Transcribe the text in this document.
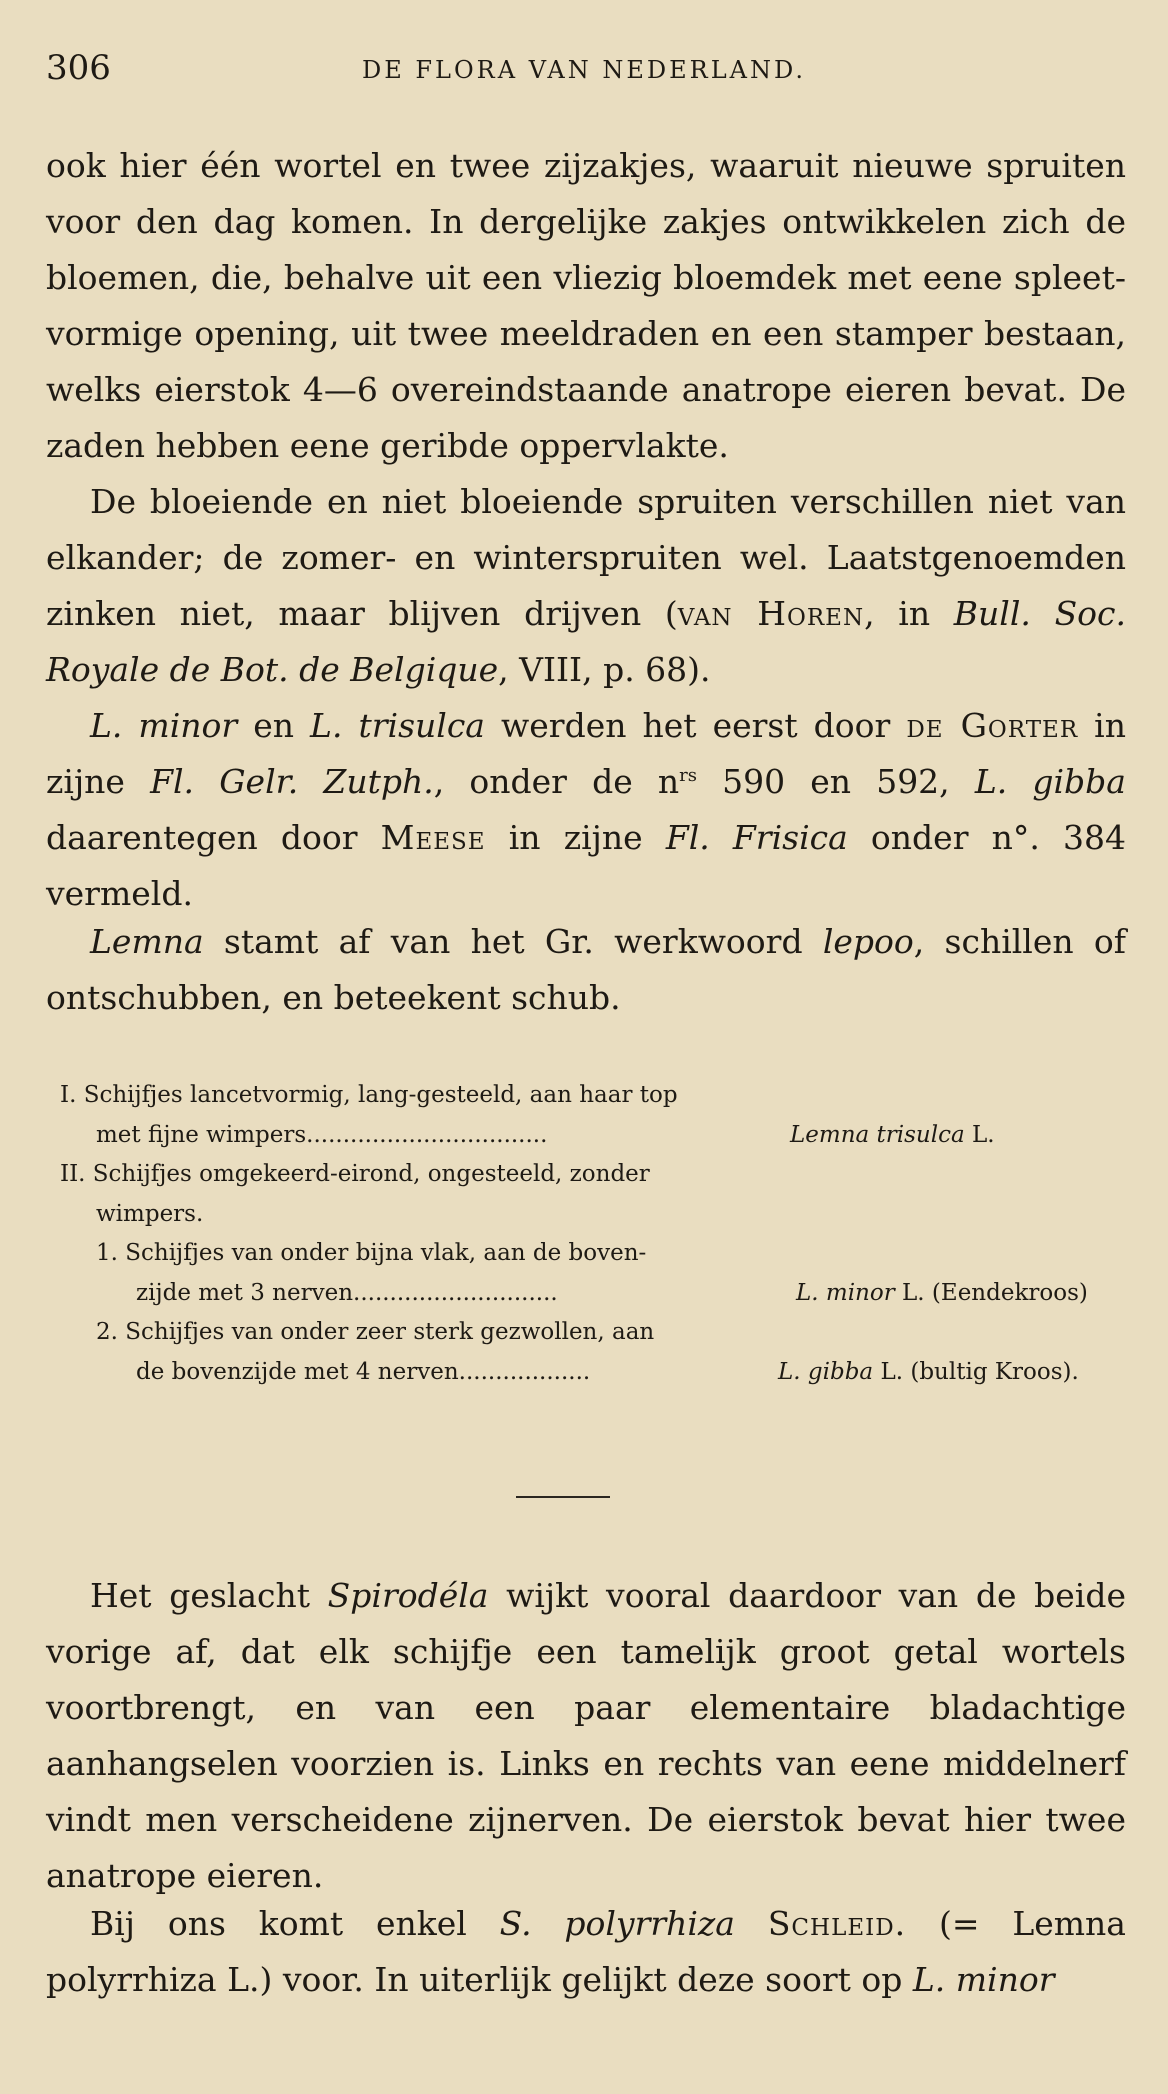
306	DE FLORA VAN NEDERLAND.
ook hier één wortel en twee zijzakjes, waaruit nieuwe spruiten
voor den dag komen. In dergelijke zakjes ontwikkelen zich de
bloemen, die, behalve uit een vliezig bloemdek met eene spleet-
vormige opening, uit twee meeldraden en een stamper bestaan,
welks eierstok 4—6 overeindstaande anatrope eieren bevat. De
zaden hebben eene geribde oppervlakte.

De bloeiende en niet bloeiende spruiten verschillen niet van elkander; de zomer- en winterspruiten wel. Laatstgenoemden zinken niet, maar blijven drijven (van Horen, in Bull. Soc. Royale de Bot. de Belgique, VIII, p. 68).

L. minor en L. trisulca werden het eerst door de Gorter in zijne Fl. Gelr. Zutph., onder de $n^{rs}$ 590 en 592, L. gibba daarentegen door Meese in zijne Fl. Frisica onder n°. 384 vermeld.

Lemna stamt af van het Gr. werkwoord lepoo, schillen of ontschubben, en beteekent schub.

I. Schijfjes lancetvormig, lang-gesteeld, aan haar top
met fijne wimpers.................................	Lemna trisulca L.
II. Schijfjes omgekeerd-eirond, ongesteeld, zonder
wimpers.
1. Schijfjes van onder bijna vlak, aan de boven-
zijde met 3 nerven............................	L. minor L. (Eendekroos)
2. Schijfjes van onder zeer sterk gezwollen, aan
de bovenzijde met 4 nerven..................	L. gibba L. (bultig Kroos).

Het geslacht Spirodéla wijkt vooral daardoor van de beide vorige af, dat elk schijfje een tamelijk groot getal wortels voortbrengt, en van een paar elementaire bladachtige aanhangselen voorzien is. Links en rechts van eene middelnerf vindt men verscheidene zijnerven. De eierstok bevat hier twee anatrope eieren.

Bij ons komt enkel S. polyrrhiza Schleid. (= Lemna polyrrhiza L.) voor. In uiterlijk gelijkt deze soort op L. minor
